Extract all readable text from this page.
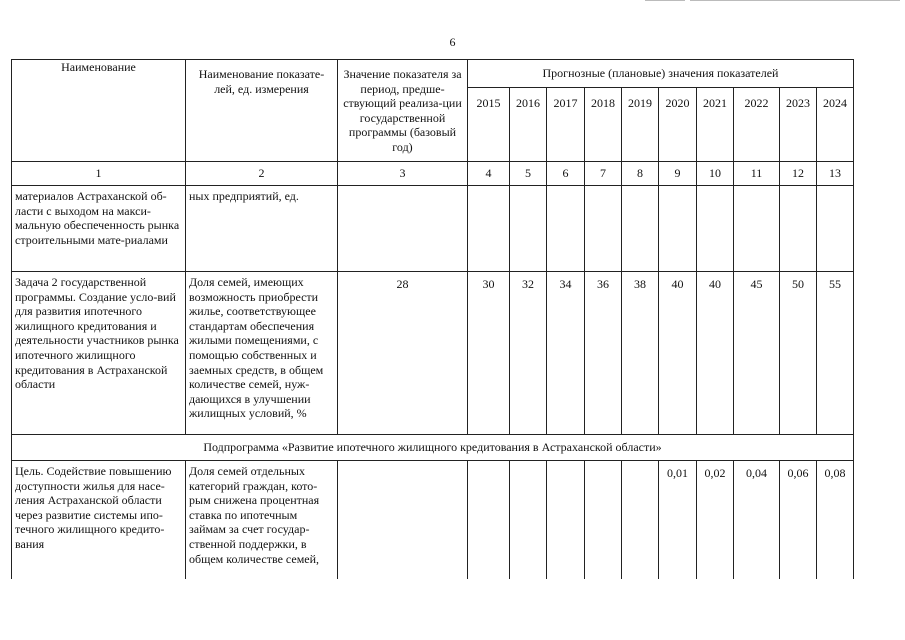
6
Наименование	Наименование показате-лей, ед. измерения	Значение показателя за период, предше-ствующий реализа-ции государственной программы (базовый год)	Прогнозные (плановые) значения показателей									
			2015	2016	2017	2018	2019	2020	2021	2022	2023	2024
1	2	3	4	5	6	7	8	9	10	11	12	13
материалов Астраханской об-ласти с выходом на макси-мальную обеспеченность рынка строительными мате-риалами	ных предприятий, ед.											
Задача 2 государственной программы. Создание усло-вий для развития ипотечного жилищного кредитования и деятельности участников рынка ипотечного жилищного кредитования в Астраханской области	Доля семей, имеющих возможность приобрести жилье, соответствующее стандартам обеспечения жилыми помещениями, с помощью собственных и заемных средств, в общем количестве семей, нуж-дающихся в улучшении жилищных условий, %	28	30	32	34	36	38	40	40	45	50	55
Подпрограмма «Развитие ипотечного жилищного кредитования в Астраханской области»												
Цель. Содействие повышению доступности жилья для насе-ления Астраханской области через развитие системы ипо-течного жилищного кредито-вания	Доля семей отдельных категорий граждан, кото-рым снижена процентная ставка по ипотечным займам за счет государ-ственной поддержки, в общем количестве семей,							0,01	0,02	0,04	0,06	0,08
